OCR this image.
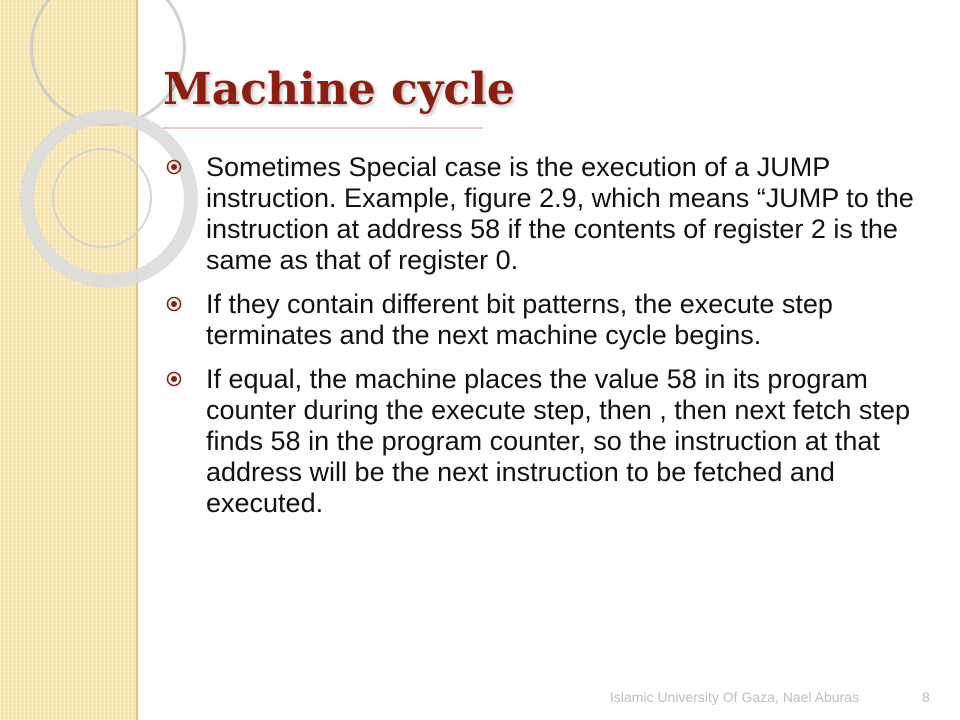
Machine cycle
Sometimes Special case is the execution of a JUMP instruction. Example, figure 2.9, which means “JUMP to the instruction at address 58 if the contents of register 2 is the same as that of register 0.
If they contain different bit patterns, the execute step terminates and the next machine cycle begins.
If equal, the machine places the value 58 in its program counter during the execute step, then , then next fetch step finds 58 in the program counter, so the instruction at that address will be the next instruction to be fetched and executed.
Islamic University Of Gaza, Nael Aburas	8
